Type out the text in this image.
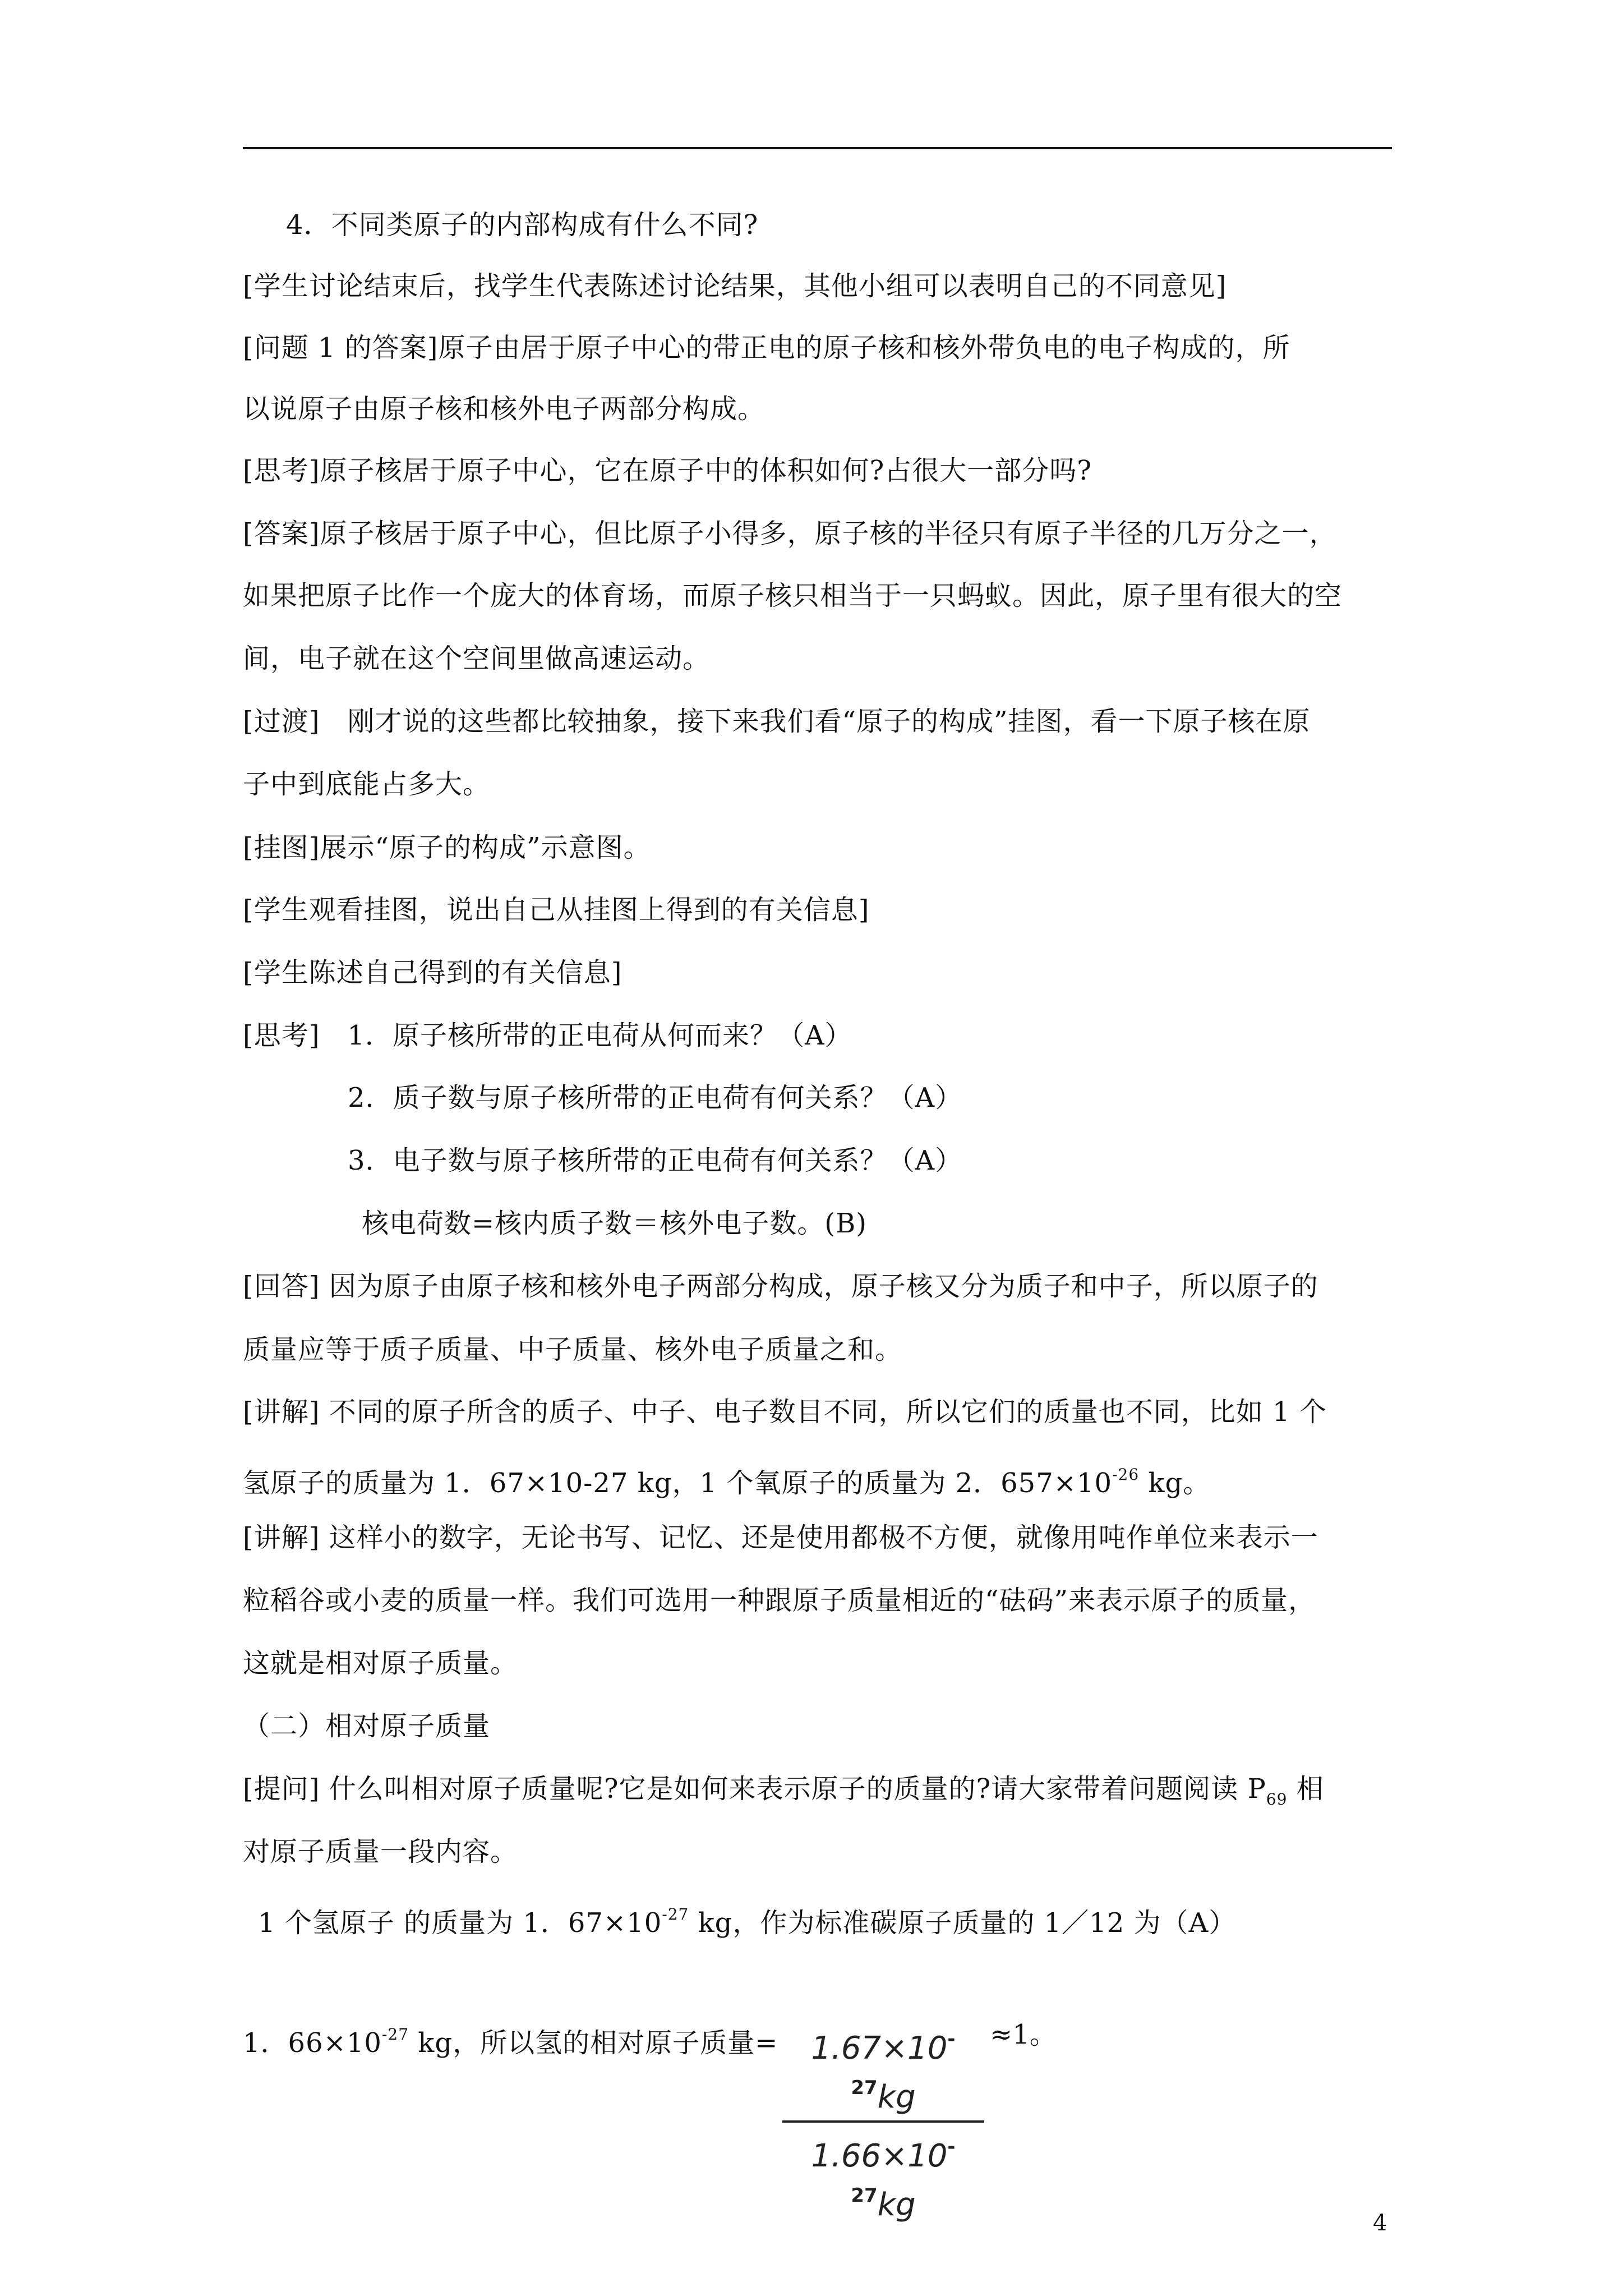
4．不同类原子的内部构成有什么不同?
[学生讨论结束后，找学生代表陈述讨论结果，其他小组可以表明自己的不同意见]
[问题 1 的答案]原子由居于原子中心的带正电的原子核和核外带负电的电子构成的，所
以说原子由原子核和核外电子两部分构成。
[思考]原子核居于原子中心，它在原子中的体积如何?占很大一部分吗?
[答案]原子核居于原子中心，但比原子小得多，原子核的半径只有原子半径的几万分之一，
如果把原子比作一个庞大的体育场，而原子核只相当于一只蚂蚁。因此，原子里有很大的空
间，电子就在这个空间里做高速运动。
[过渡]　刚才说的这些都比较抽象，接下来我们看“原子的构成”挂图，看一下原子核在原
子中到底能占多大。
[挂图]展示“原子的构成”示意图。
[学生观看挂图，说出自己从挂图上得到的有关信息]
[学生陈述自己得到的有关信息]
[思考]　1．原子核所带的正电荷从何而来？（A）
2．质子数与原子核所带的正电荷有何关系？（A）
3．电子数与原子核所带的正电荷有何关系？（A）
核电荷数=核内质子数＝核外电子数。(B)
[回答] 因为原子由原子核和核外电子两部分构成，原子核又分为质子和中子，所以原子的
质量应等于质子质量、中子质量、核外电子质量之和。
[讲解] 不同的原子所含的质子、中子、电子数目不同，所以它们的质量也不同，比如 1 个
氢原子的质量为 1．67×10-27 kg，1 个氧原子的质量为 2．$657\times 10^{-26}$ kg。
[讲解] 这样小的数字，无论书写、记忆、还是使用都极不方便，就像用吨作单位来表示一
粒稻谷或小麦的质量一样。我们可选用一种跟原子质量相近的“砝码”来表示原子的质量，
这就是相对原子质量。
（二）相对原子质量
[提问] 什么叫相对原子质量呢?它是如何来表示原子的质量的?请大家带着问题阅读 $P_{69}$ 相
对原子质量一段内容。
1 个氢原子 的质量为 1．$67\times 10^{-27}$ kg，作为标准碳原子质量的 1／12 为（A）
1．$66\times 10^{-27}$ kg，所以氢的相对原子质量=	$1.67\times 10^{-27}kg$
$1.66\times 10^{-27}kg$
≈1。
4
